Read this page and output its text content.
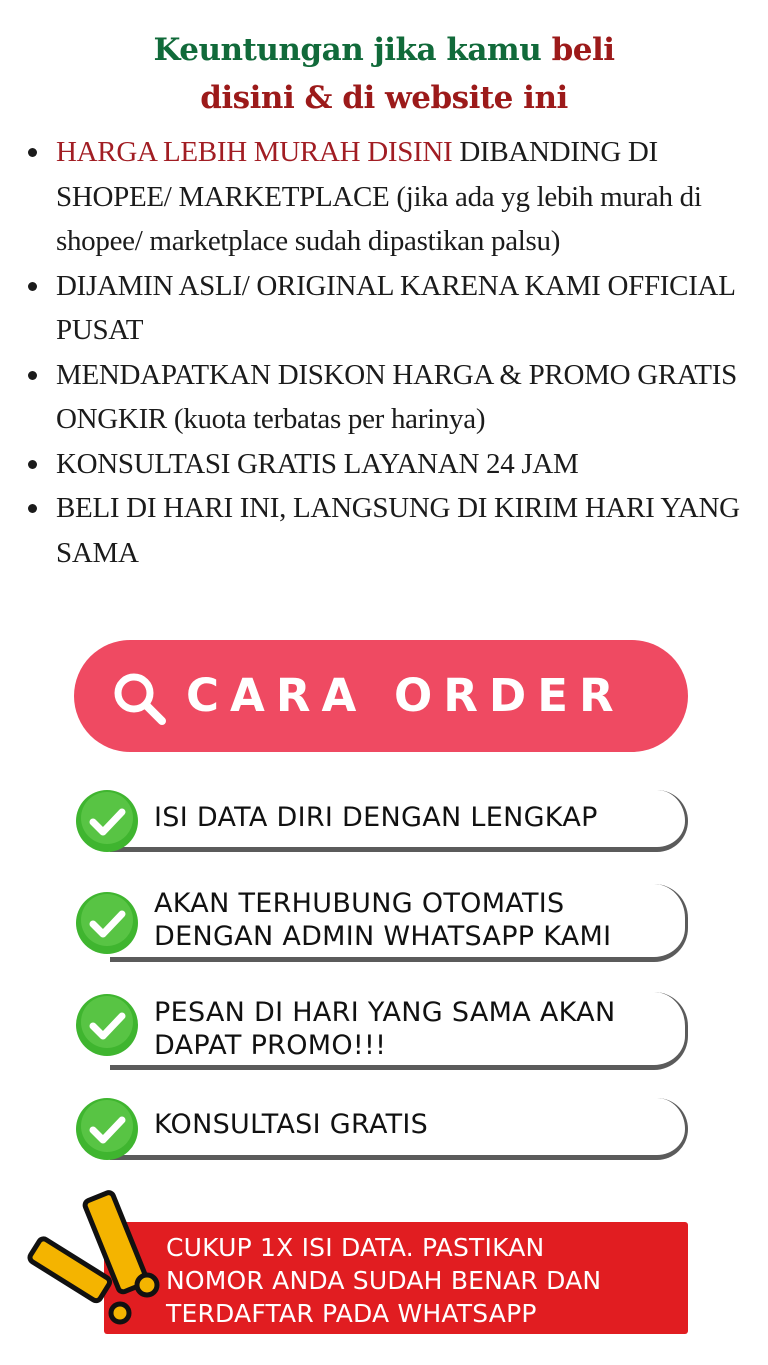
Keuntungan jika kamu beli
disini & di website ini
HARGA LEBIH MURAH DISINI DIBANDING DI SHOPEE/ MARKETPLACE (jika ada yg lebih murah di shopee/ marketplace sudah dipastikan palsu)
DIJAMIN ASLI/ ORIGINAL KARENA KAMI OFFICIAL PUSAT
MENDAPATKAN DISKON HARGA & PROMO GRATIS ONGKIR (kuota terbatas per harinya)
KONSULTASI GRATIS LAYANAN 24 JAM
BELI DI HARI INI, LANGSUNG DI KIRIM HARI YANG SAMA
CARA ORDER
ISI DATA DIRI DENGAN LENGKAP
AKAN TERHUBUNG OTOMATIS
DENGAN ADMIN WHATSAPP KAMI
PESAN DI HARI YANG SAMA AKAN
DAPAT PROMO!!!
KONSULTASI GRATIS
CUKUP 1X ISI DATA. PASTIKAN
NOMOR ANDA SUDAH BENAR DAN
TERDAFTAR PADA WHATSAPP
